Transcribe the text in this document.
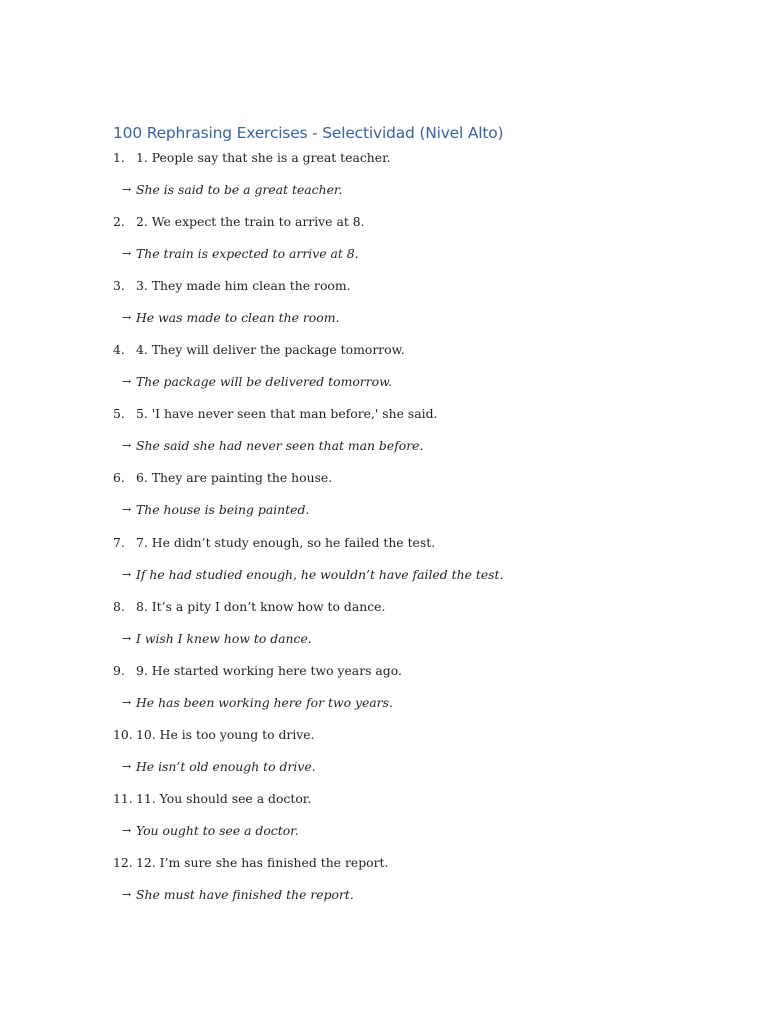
100 Rephrasing Exercises - Selectividad (Nivel Alto)
1. 1. People say that she is a great teacher.
→ She is said to be a great teacher.
2. 2. We expect the train to arrive at 8.
→ The train is expected to arrive at 8.
3. 3. They made him clean the room.
→ He was made to clean the room.
4. 4. They will deliver the package tomorrow.
→ The package will be delivered tomorrow.
5. 5. 'I have never seen that man before,' she said.
→ She said she had never seen that man before.
6. 6. They are painting the house.
→ The house is being painted.
7. 7. He didn’t study enough, so he failed the test.
→ If he had studied enough, he wouldn’t have failed the test.
8. 8. It’s a pity I don’t know how to dance.
→ I wish I knew how to dance.
9. 9. He started working here two years ago.
→ He has been working here for two years.
10. 10. He is too young to drive.
→ He isn’t old enough to drive.
11. 11. You should see a doctor.
→ You ought to see a doctor.
12. 12. I’m sure she has finished the report.
→ She must have finished the report.
